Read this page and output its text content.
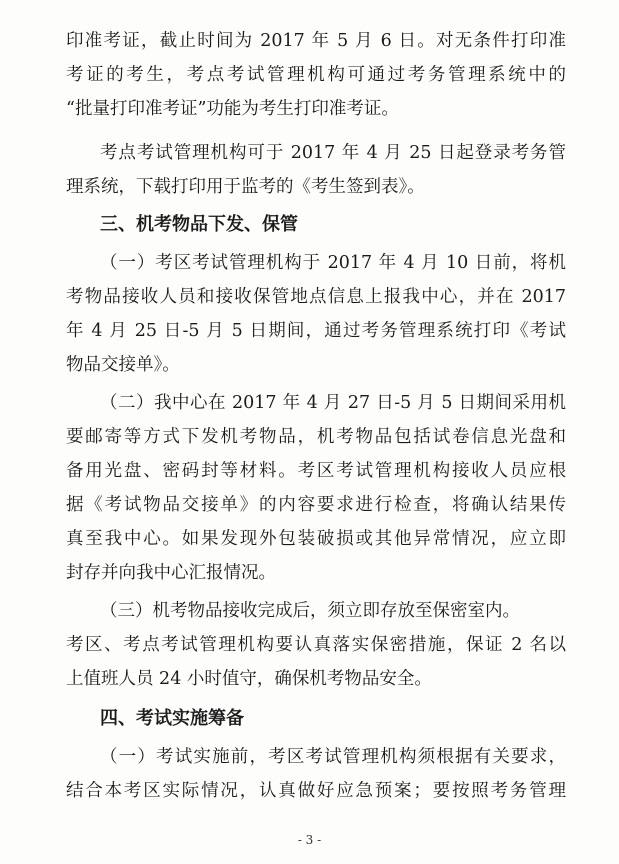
印准考证，截止时间为 2017 年 5 月 6 日。对无条件打印准
考证的考生，考点考试管理机构可通过考务管理系统中的
“批量打印准考证”功能为考生打印准考证。
考点考试管理机构可于 2017 年 4 月 25 日起登录考务管
理系统，下载打印用于监考的《考生签到表》。
三、机考物品下发、保管
（一）考区考试管理机构于 2017 年 4 月 10 日前，将机
考物品接收人员和接收保管地点信息上报我中心，并在 2017
年 4 月 25 日-5 月 5 日期间，通过考务管理系统打印《考试
物品交接单》。
（二）我中心在 2017 年 4 月 27 日-5 月 5 日期间采用机
要邮寄等方式下发机考物品，机考物品包括试卷信息光盘和
备用光盘、密码封等材料。考区考试管理机构接收人员应根
据《考试物品交接单》的内容要求进行检查，将确认结果传
真至我中心。如果发现外包装破损或其他异常情况，应立即
封存并向我中心汇报情况。
（三）机考物品接收完成后，须立即存放至保密室内。
考区、考点考试管理机构要认真落实保密措施，保证 2 名以
上值班人员 24 小时值守，确保机考物品安全。
四、考试实施筹备
（一）考试实施前，考区考试管理机构须根据有关要求，
结合本考区实际情况，认真做好应急预案；要按照考务管理
- 3 -
